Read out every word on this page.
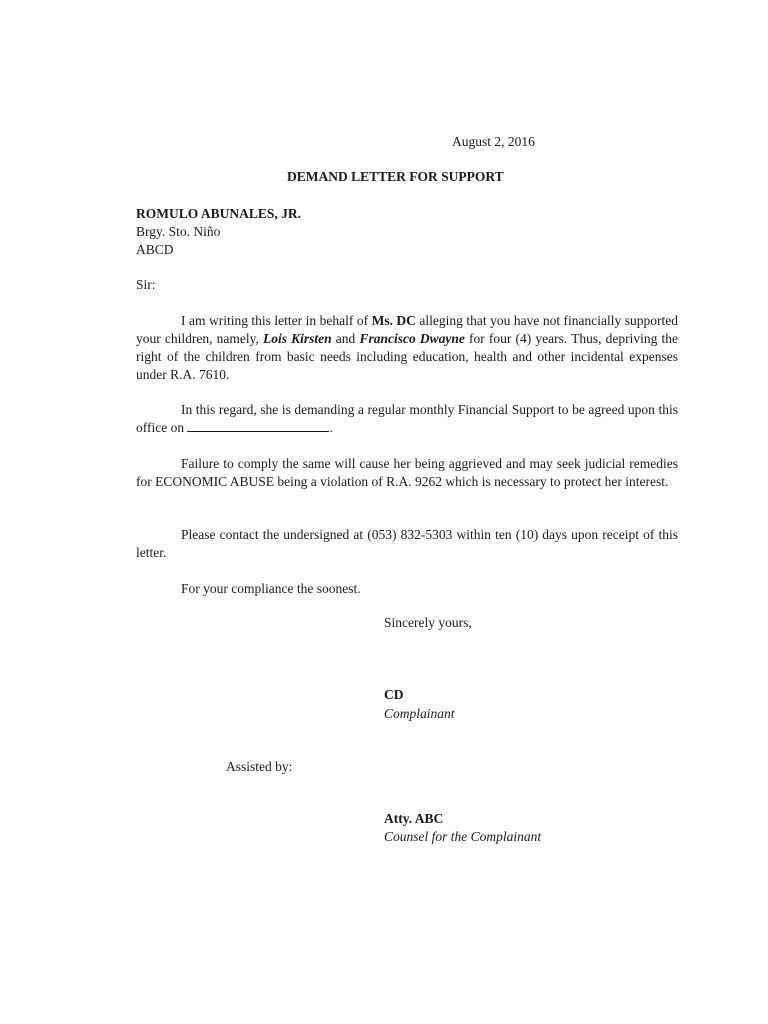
August 2, 2016
DEMAND LETTER FOR SUPPORT
ROMULO ABUNALES, JR.
Brgy. Sto. Niño
ABCD
Sir:
I am writing this letter in behalf of Ms. DC alleging that you have not financially supported your children, namely, Lois Kirsten and Francisco Dwayne for four (4) years. Thus, depriving the right of the children from basic needs including education, health and other incidental expenses under R.A. 7610.
In this regard, she is demanding a regular monthly Financial Support to be agreed upon this office on	.
Failure to comply the same will cause her being aggrieved and may seek judicial remedies for ECONOMIC ABUSE being a violation of R.A. 9262 which is necessary to protect her interest.
Please contact the undersigned at (053) 832-5303 within ten (10) days upon receipt of this letter.
For your compliance the soonest.
Sincerely yours,
CD
Complainant
Assisted by:
Atty. ABC
Counsel for the Complainant
